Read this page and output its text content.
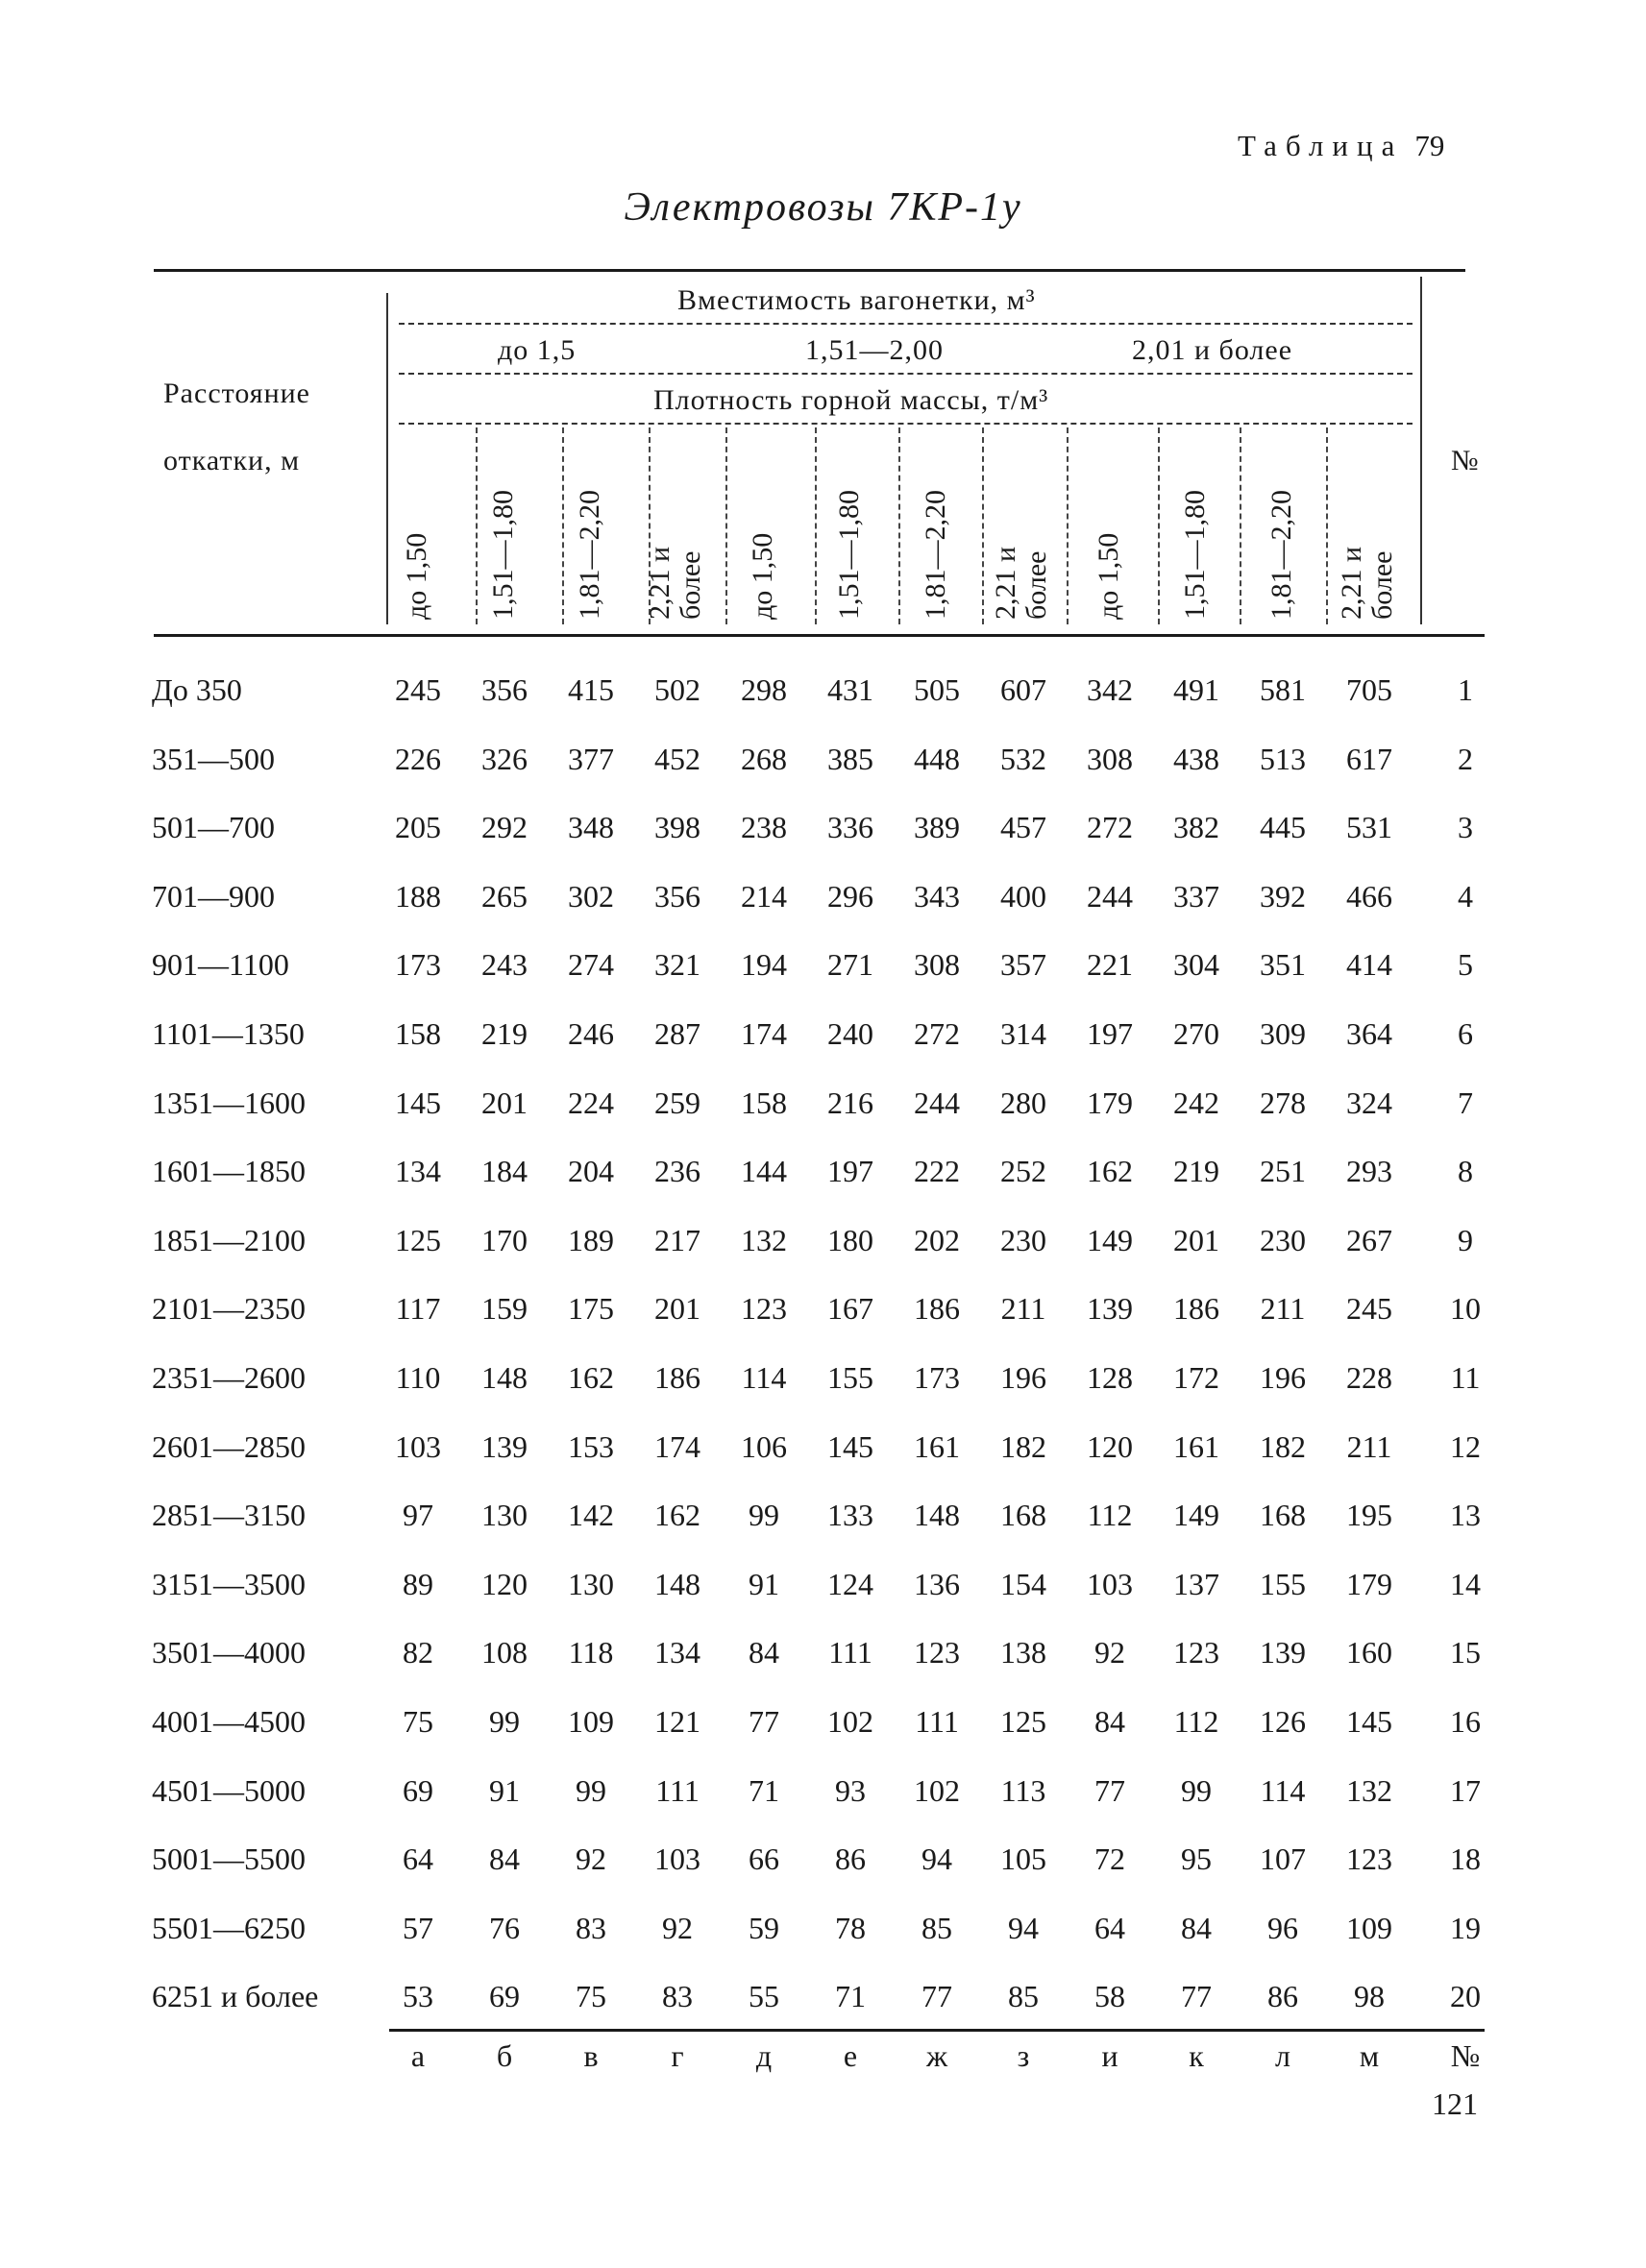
Таблица 79
Электровозы 7КР-1у
121
Расстояние
откатки, м
Вместимость вагонетки, м³
до 1,5	1,51—2,00	2,01 и более
Плотность горной массы, т/м³
№
до 1,50 1,51—1,80 1,81—2,20 2,21 и более до 1,50 1,51—1,80 1,81—2,20 2,21 и более до 1,50 1,51—1,80 1,81—2,20 2,21 и более
До 350	245	356	415	502	298	431	505	607	342	491	581	705	1
351—500	226	326	377	452	268	385	448	532	308	438	513	617	2
501—700	205	292	348	398	238	336	389	457	272	382	445	531	3
701—900	188	265	302	356	214	296	343	400	244	337	392	466	4
901—1100	173	243	274	321	194	271	308	357	221	304	351	414	5
1101—1350	158	219	246	287	174	240	272	314	197	270	309	364	6
1351—1600	145	201	224	259	158	216	244	280	179	242	278	324	7
1601—1850	134	184	204	236	144	197	222	252	162	219	251	293	8
1851—2100	125	170	189	217	132	180	202	230	149	201	230	267	9
2101—2350	117	159	175	201	123	167	186	211	139	186	211	245	10
2351—2600	110	148	162	186	114	155	173	196	128	172	196	228	11
2601—2850	103	139	153	174	106	145	161	182	120	161	182	211	12
2851—3150	97	130	142	162	99	133	148	168	112	149	168	195	13
3151—3500	89	120	130	148	91	124	136	154	103	137	155	179	14
3501—4000	82	108	118	134	84	111	123	138	92	123	139	160	15
4001—4500	75	99	109	121	77	102	111	125	84	112	126	145	16
4501—5000	69	91	99	111	71	93	102	113	77	99	114	132	17
5001—5500	64	84	92	103	66	86	94	105	72	95	107	123	18
5501—6250	57	76	83	92	59	78	85	94	64	84	96	109	19
6251 и более	53	69	75	83	55	71	77	85	58	77	86	98	20
а	б	в	г	д	е	ж	з	и	к	л	м	№
